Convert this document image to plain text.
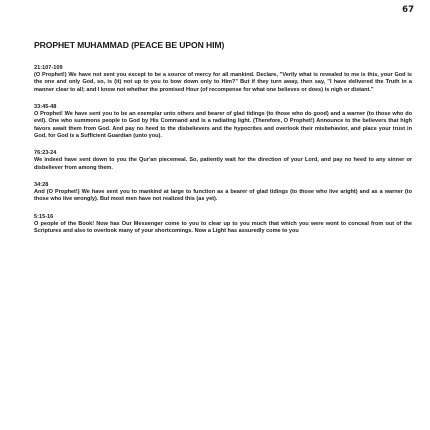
67
PROPHET MUHAMMAD (PEACE BE UPON HIM)

21:107-109

(O Prophet!) We have not sent you except to be a source of mercy for all mankind. Declare, "Verily what is revealed to me is this, your God is the one and only God, so, is (it) not up to you to bow down only to Him?" But if they turn away, then say, "I have delivered the Truth in a manner clear to all; and I know not whether the promised Hour (of recompense for what one believes or does) is nigh or distant."

33:45-48

O Prophet! We have sent you to be an exemplar unto others and bearer of glad tidings (to those who do good) and a warner (to those who do evil). One who summons people to God by His Command and is a radiating light. (Therefore, O Prophet!) Announce to the believers that high favors await them from God. And pay no heed to the disbelievers and the hypocrites and overlook their misbehavior, and place your trust in God, for God is a Sufficient Guardian (unto you).

76:23-24

We indeed have sent down to you the Qur'an piecemeal. So, patiently wait for the direction of your Lord, and pay no heed to any sinner or disbeliever from among them.

34:28

And (O Prophet!) We have sent you to mankind at large to function as a bearer of glad tidings (to those who live aright) and as a warner (to those who live wrongly). But most men have not realized this (as yet).

5:15-16

O people of the Book! Now has Our Messenger come to you to clear up to you much that which you were wont to conceal from out of the Scriptures and also to overlook many of your shortcomings. Now a Light has assuredly come to you
